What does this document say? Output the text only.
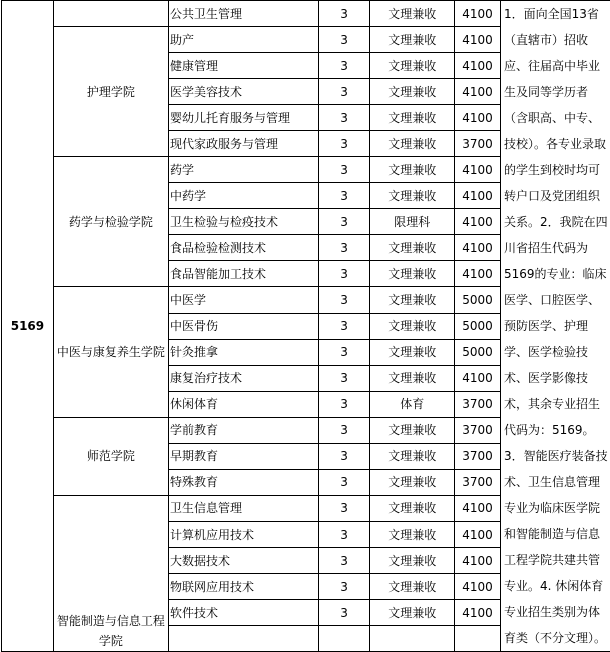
5169		公共卫生管理	3	文理兼收	4100	1．面向全国13省（直辖市）招收应、往届高中毕业生及同等学历者（含职高、中专、技校）。各专业录取的学生到校时均可转户口及党团组织关系。2．我院在四川省招生代码为5169的专业：临床医学、口腔医学、预防医学、护理学、医学检验技术、医学影像技术，其余专业招生代码为：5169。3．智能医疗装备技术、卫生信息管理专业为临床医学院和智能制造与信息工程学院共建共管专业。4. 休闲体育专业招生类别为体育类（不分文理）。
	护理学院	助产	3	文理兼收	4100	
		健康管理	3	文理兼收	4100	
		医学美容技术	3	文理兼收	4100	
		婴幼儿托育服务与管理	3	文理兼收	4100	
		现代家政服务与管理	3	文理兼收	3700	
	药学与检验学院	药学	3	文理兼收	4100	
		中药学	3	文理兼收	4100	
		卫生检验与检疫技术	3	限理科	4100	
		食品检验检测技术	3	文理兼收	4100	
		食品智能加工技术	3	文理兼收	4100	
	中医与康复养生学院	中医学	3	文理兼收	5000	
		中医骨伤	3	文理兼收	5000	
		针灸推拿	3	文理兼收	5000	
		康复治疗技术	3	文理兼收	4100	
		休闲体育	3	体育	3700	
	师范学院	学前教育	3	文理兼收	3700	
		早期教育	3	文理兼收	3700	
		特殊教育	3	文理兼收	3700	
	智能制造与信息工程学院	卫生信息管理	3	文理兼收	4100	
		计算机应用技术	3	文理兼收	4100	
		大数据技术	3	文理兼收	4100	
		物联网应用技术	3	文理兼收	4100	
		软件技术	3	文理兼收	4100	
